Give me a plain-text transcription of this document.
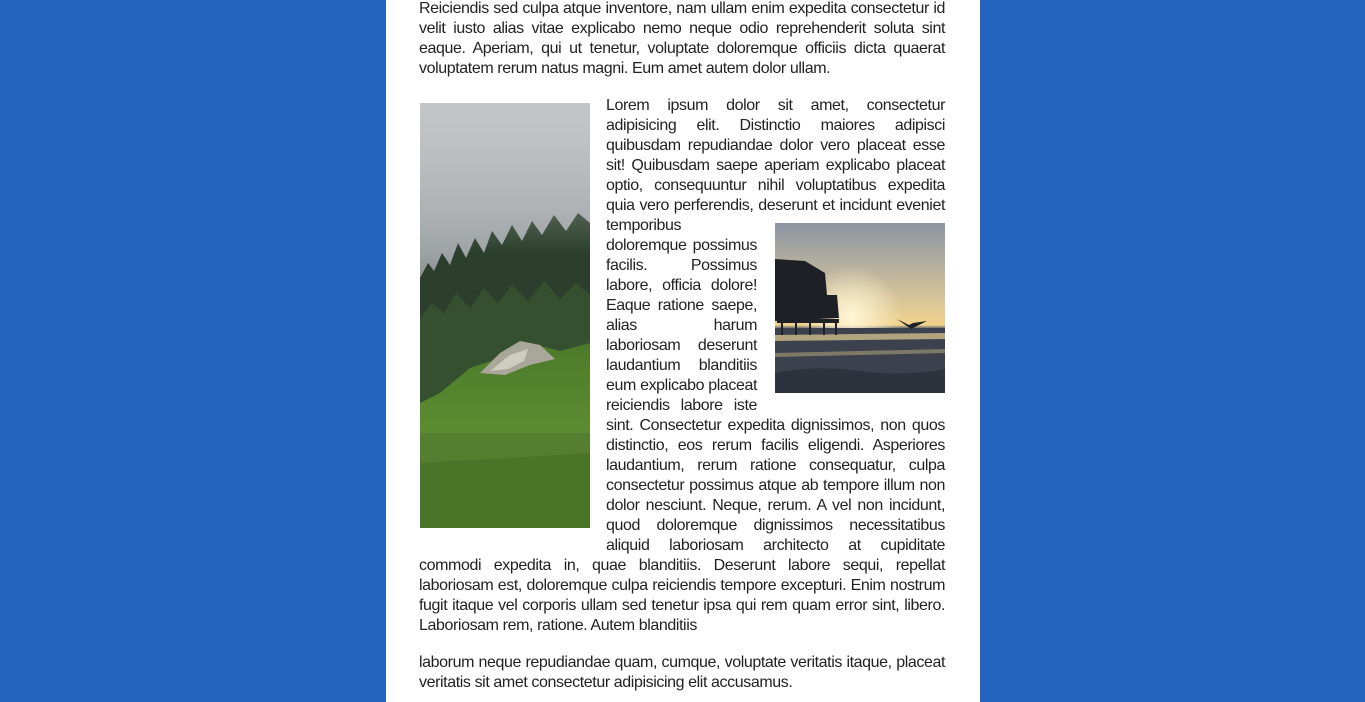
Reiciendis sed culpa atque inventore, nam ullam enim expedita consectetur id velit iusto alias vitae explicabo nemo neque odio reprehenderit soluta sint eaque. Aperiam, qui ut tenetur, voluptate doloremque officiis dicta quaerat voluptatem rerum natus magni. Eum amet autem dolor ullam.

Lorem ipsum dolor sit amet, consectetur adipisicing elit. Distinctio maiores adipisci quibusdam repudiandae dolor vero placeat esse sit! Quibusdam saepe aperiam explicabo placeat optio, consequuntur nihil voluptatibus expedita quia vero perferendis, deserunt et incidunt eveniet temporibus doloremque possimus facilis. Possimus labore, officia dolore! Eaque ratione saepe, alias harum laboriosam deserunt laudantium blanditiis eum explicabo placeat reiciendis labore iste sint. Consectetur expedita dignissimos, non quos distinctio, eos rerum facilis eligendi. Asperiores laudantium, rerum ratione consequatur, culpa consectetur possimus atque ab tempore illum non dolor nesciunt. Neque, rerum. A vel non incidunt, quod doloremque dignissimos necessitatibus aliquid laboriosam architecto at cupiditate commodi expedita in, quae blanditiis. Deserunt labore sequi, repellat laboriosam est, doloremque culpa reiciendis tempore excepturi. Enim nostrum fugit itaque vel corporis ullam sed tenetur ipsa qui rem quam error sint, libero. Laboriosam rem, ratione. Autem blanditiis

laborum neque repudiandae quam, cumque, voluptate veritatis itaque, placeat veritatis sit amet consectetur adipisicing elit accusamus.
